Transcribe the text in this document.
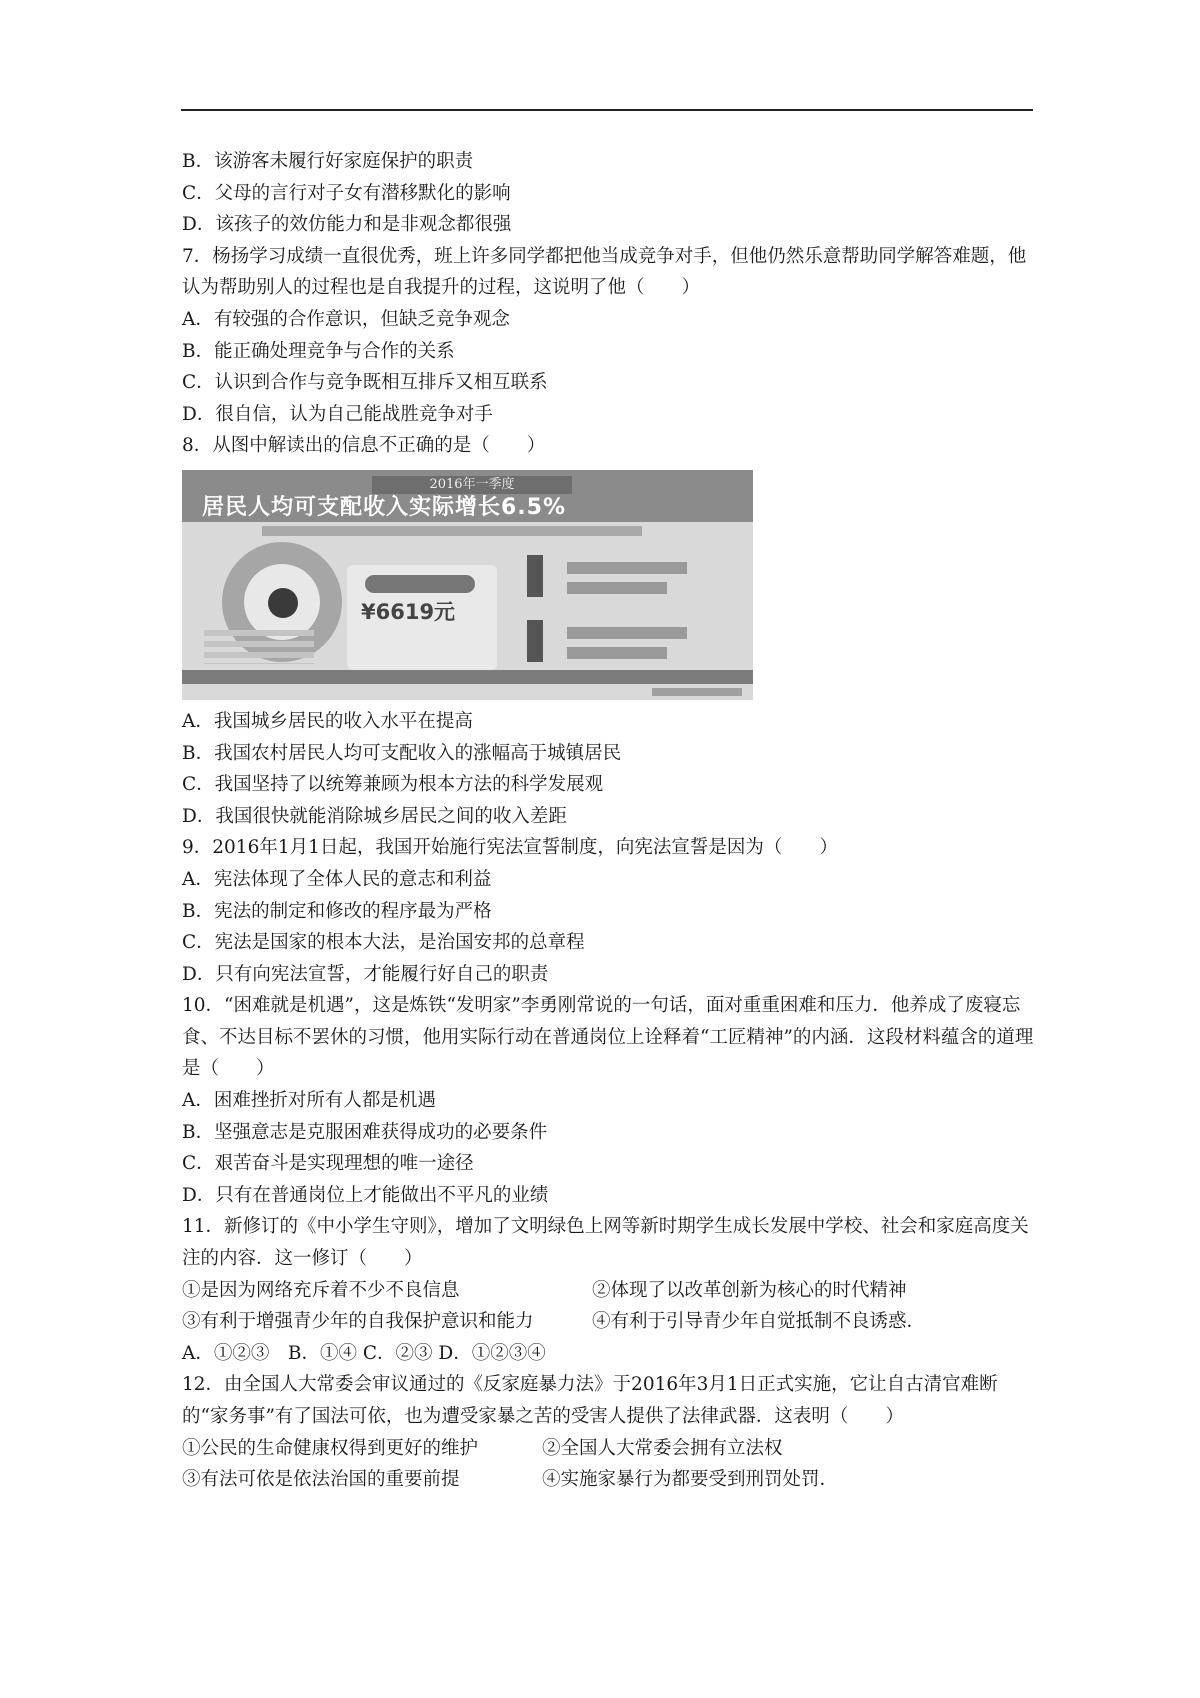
B．该游客未履行好家庭保护的职责
C．父母的言行对子女有潜移默化的影响
D．该孩子的效仿能力和是非观念都很强
7．杨扬学习成绩一直很优秀，班上许多同学都把他当成竞争对手，但他仍然乐意帮助同学解答难题，他认为帮助别人的过程也是自我提升的过程，这说明了他（　　）
A．有较强的合作意识，但缺乏竞争观念
B．能正确处理竞争与合作的关系
C．认识到合作与竞争既相互排斥又相互联系
D．很自信，认为自己能战胜竞争对手
8．从图中解读出的信息不正确的是（　　）
2016年一季度
居民人均可支配收入实际增长6.5%
¥6619元
A．我国城乡居民的收入水平在提高
B．我国农村居民人均可支配收入的涨幅高于城镇居民
C．我国坚持了以统筹兼顾为根本方法的科学发展观
D．我国很快就能消除城乡居民之间的收入差距
9．2016年1月1日起，我国开始施行宪法宣誓制度，向宪法宣誓是因为（　　）
A．宪法体现了全体人民的意志和利益
B．宪法的制定和修改的程序最为严格
C．宪法是国家的根本大法，是治国安邦的总章程
D．只有向宪法宣誓，才能履行好自己的职责
10．“困难就是机遇”，这是炼铁“发明家”李勇刚常说的一句话，面对重重困难和压力．他养成了废寝忘食、不达目标不罢休的习惯，他用实际行动在普通岗位上诠释着“工匠精神”的内涵．这段材料蕴含的道理是（　　）
A．困难挫折对所有人都是机遇
B．坚强意志是克服困难获得成功的必要条件
C．艰苦奋斗是实现理想的唯一途径
D．只有在普通岗位上才能做出不平凡的业绩
11．新修订的《中小学生守则》，增加了文明绿色上网等新时期学生成长发展中学校、社会和家庭高度关注的内容．这一修订（　　）
①是因为网络充斥着不少不良信息	②体现了以改革创新为核心的时代精神
③有利于增强青少年的自我保护意识和能力	④有利于引导青少年自觉抵制不良诱惑．
A．①②③　B．①④ C．②③ D．①②③④
12．由全国人大常委会审议通过的《反家庭暴力法》于2016年3月1日正式实施，它让自古清官难断的“家务事”有了国法可依，也为遭受家暴之苦的受害人提供了法律武器．这表明（　　）
①公民的生命健康权得到更好的维护	②全国人大常委会拥有立法权
③有法可依是依法治国的重要前提	④实施家暴行为都要受到刑罚处罚．
